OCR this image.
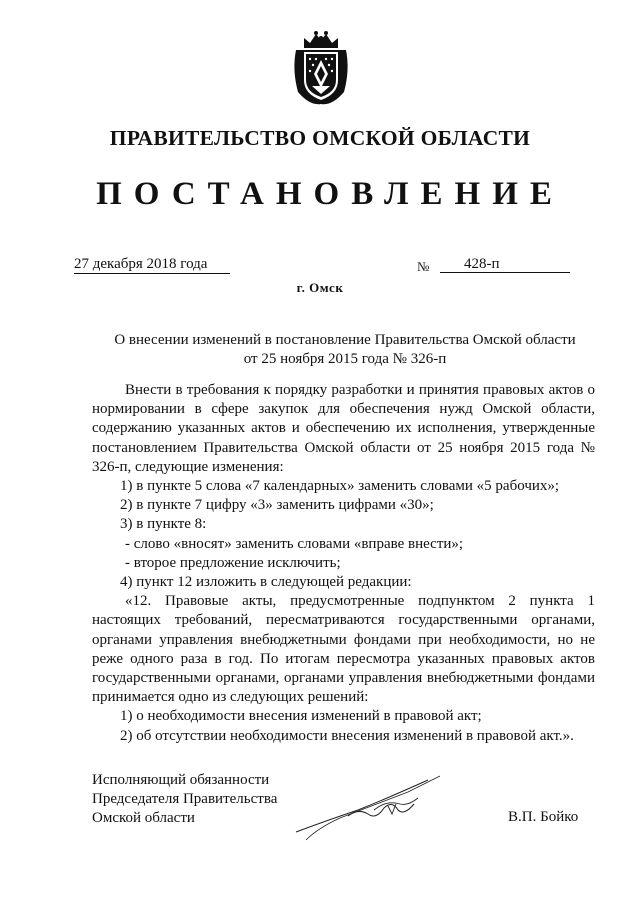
ПРАВИТЕЛЬСТВО ОМСКОЙ ОБЛАСТИ
ПОСТАНОВЛЕНИЕ
27 декабря 2018 года	№	428-п
г. Омск
О внесении изменений в постановление Правительства Омской области
от 25 ноября 2015 года № 326-п

Внести в требования к порядку разработки и принятия правовых актов о нормировании в сфере закупок для обеспечения нужд Омской области, содержанию указанных актов и обеспечению их исполнения, утвержденные постановлением Правительства Омской области от 25 ноября 2015 года № 326-п, следующие изменения:

1) в пункте 5 слова «7 календарных» заменить словами «5 рабочих»;

2) в пункте 7 цифру «3» заменить цифрами «30»;

3) в пункте 8:

- слово «вносят» заменить словами «вправе внести»;

- второе предложение исключить;

4) пункт 12 изложить в следующей редакции:

«12. Правовые акты, предусмотренные подпунктом 2 пункта 1 настоящих требований, пересматриваются государственными органами, органами управления внебюджетными фондами при необходимости, но не реже одного раза в год. По итогам пересмотра указанных правовых актов государственными органами, органами управления внебюджетными фондами принимается одно из следующих решений:

1) о необходимости внесения изменений в правовой акт;

2) об отсутствии необходимости внесения изменений в правовой акт.».

Исполняющий обязанности
Председателя Правительства
Омской области	В.П. Бойко
